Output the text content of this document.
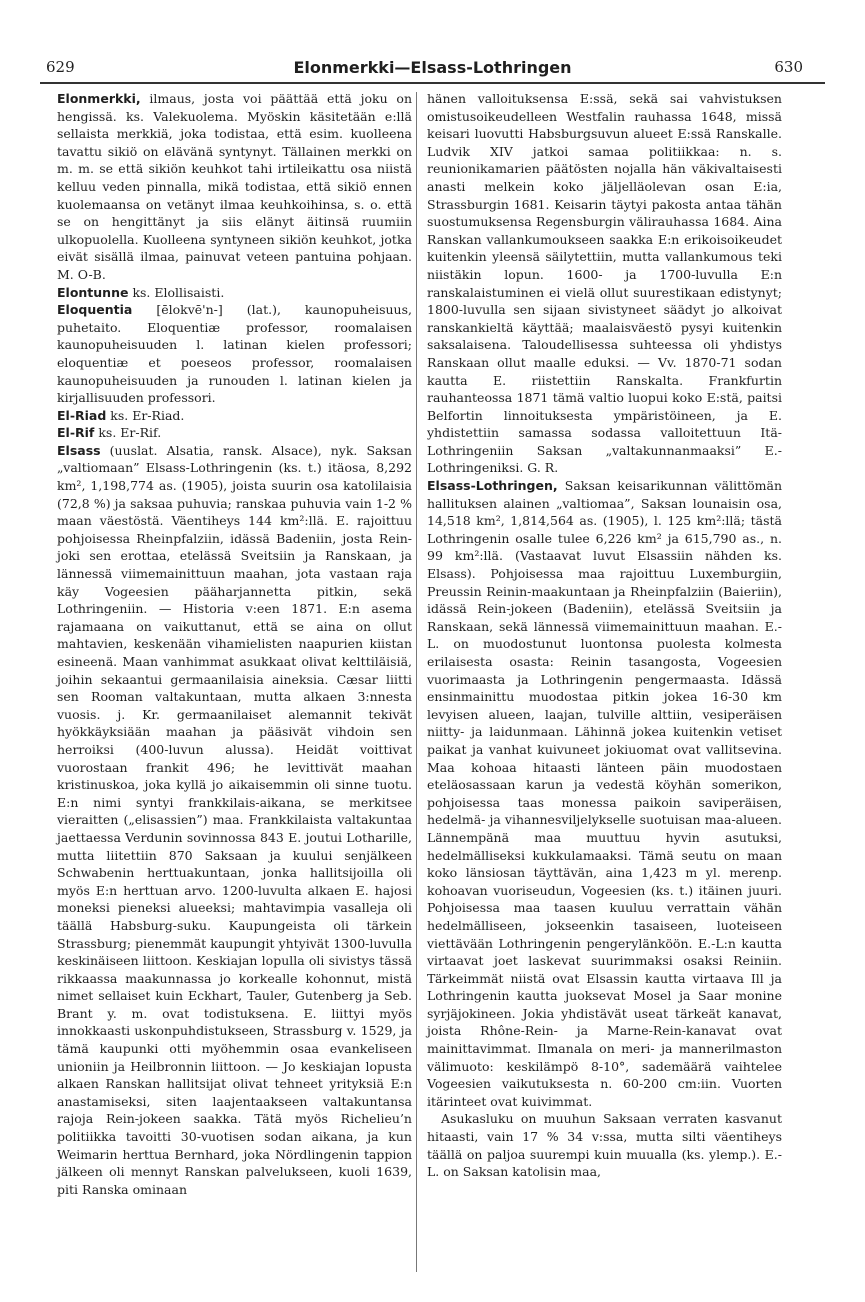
629	Elonmerkki—Elsass-Lothringen	630

Elonmerkki, ilmaus, josta voi päättää että joku on hengissä. ks. Valekuolema. Myöskin käsitetään e:llä sellaista merkkiä, joka todistaa, että esim. kuolleena tavattu sikiö on elävänä syntynyt. Tällainen merkki on m. m. se että sikiön keuhkot tahi irtileikattu osa niistä kelluu veden pinnalla, mikä todistaa, että sikiö ennen kuolemaansa on vetänyt ilmaa keuhkoihinsa, s. o. että se on hengittänyt ja siis elänyt äitinsä ruumiin ulkopuolella. Kuolleena syntyneen sikiön keuhkot, jotka eivät sisällä ilmaa, painuvat veteen pantuina pohjaan. M. O-B.

Elontunne ks. Elollisaisti.

Eloquentia [ēlokvē'n-] (lat.), kaunopuheisuus, puhetaito. Eloquentiæ professor, roomalaisen kaunopuheisuuden l. latinan kielen professori; eloquentiæ et poeseos professor, roomalaisen kaunopuheisuuden ja runouden l. latinan kielen ja kirjallisuuden professori.

El-Riad ks. Er-Riad.

El-Rif ks. Er-Rif.

Elsass (uuslat. Alsatia, ransk. Alsace), nyk. Saksan „valtiomaan” Elsass-Lothringenin (ks. t.) itäosa, 8,292 km², 1,198,774 as. (1905), joista suurin osa katolilaisia (72,8 %) ja saksaa puhuvia; ranskaa puhuvia vain 1-2 % maan väestöstä. Väentiheys 144 km²:llä. E. rajoittuu pohjoisessa Rheinpfalziin, idässä Badeniin, josta Rein-joki sen erottaa, etelässä Sveitsiin ja Ranskaan, ja lännessä viimemainittuun maahan, jota vastaan raja käy Vogeesien pääharjannetta pitkin, sekä Lothringeniin. — Historia v:een 1871. E:n asema rajamaana on vaikuttanut, että se aina on ollut mahtavien, keskenään vihamielisten naapurien kiistan esineenä. Maan vanhimmat asukkaat olivat kelttiläisiä, joihin sekaantui germaanilaisia aineksia. Cæsar liitti sen Rooman valtakuntaan, mutta alkaen 3:nnesta vuosis. j. Kr. germaanilaiset alemannit tekivät hyökkäyksiään maahan ja pääsivät vihdoin sen herroiksi (400-luvun alussa). Heidät voittivat vuorostaan frankit 496; he levittivät maahan kristinuskoa, joka kyllä jo aikaisemmin oli sinne tuotu. E:n nimi syntyi frankkilais-aikana, se merkitsee vieraitten („elisassien”) maa. Frankkilaista valtakuntaa jaettaessa Verdunin sovinnossa 843 E. joutui Lotharille, mutta liitettiin 870 Saksaan ja kuului senjälkeen Schwabenin herttuakuntaan, jonka hallitsijoilla oli myös E:n herttuan arvo. 1200-luvulta alkaen E. hajosi moneksi pieneksi alueeksi; mahtavimpia vasalleja oli täällä Habsburg-suku. Kaupungeista oli tärkein Strassburg; pienemmät kaupungit yhtyivät 1300-luvulla keskinäiseen liittoon. Keskiajan lopulla oli sivistys tässä rikkaassa maakunnassa jo korkealle kohonnut, mistä nimet sellaiset kuin Eckhart, Tauler, Gutenberg ja Seb. Brant y. m. ovat todistuksena. E. liittyi myös innokkaasti uskonpuhdistukseen, Strassburg v. 1529, ja tämä kaupunki otti myöhemmin osaa evankeliseen unioniin ja Heilbronnin liittoon. — Jo keskiajan lopusta alkaen Ranskan hallitsijat olivat tehneet yrityksiä E:n anastamiseksi, siten laajentaakseen valtakuntansa rajoja Rein-jokeen saakka. Tätä myös Richelieu’n politiikka tavoitti 30-vuotisen sodan aikana, ja kun Weimarin herttua Bernhard, joka Nördlingenin tappion jälkeen oli mennyt Ranskan palvelukseen, kuoli 1639, piti Ranska ominaan

hänen valloituksensa E:ssä, sekä sai vahvistuksen omistusoikeudelleen Westfalin rauhassa 1648, missä keisari luovutti Habsburgsuvun alueet E:ssä Ranskalle. Ludvik XIV jatkoi samaa politiikkaa: n. s. reunionikamarien päätösten nojalla hän väkivaltaisesti anasti melkein koko jäljelläolevan osan E:ia, Strassburgin 1681. Keisarin täytyi pakosta antaa tähän suostumuksensa Regensburgin välirauhassa 1684. Aina Ranskan vallankumoukseen saakka E:n erikoisoikeudet kuitenkin yleensä säilytettiin, mutta vallankumous teki niistäkin lopun. 1600- ja 1700-luvulla E:n ranskalaistuminen ei vielä ollut suurestikaan edistynyt; 1800-luvulla sen sijaan sivistyneet säädyt jo alkoivat ranskankieltä käyttää; maalaisväestö pysyi kuitenkin saksalaisena. Taloudellisessa suhteessa oli yhdistys Ranskaan ollut maalle eduksi. — Vv. 1870-71 sodan kautta E. riistettiin Ranskalta. Frankfurtin rauhanteossa 1871 tämä valtio luopui koko E:stä, paitsi Belfortin linnoituksesta ympäristöineen, ja E. yhdistettiin samassa sodassa valloitettuun Itä-Lothringeniin Saksan „valtakunnanmaaksi” E.-Lothringeniksi. G. R.

Elsass-Lothringen, Saksan keisarikunnan välittömän hallituksen alainen „valtiomaa”, Saksan lounaisin osa, 14,518 km², 1,814,564 as. (1905), l. 125 km²:llä; tästä Lothringenin osalle tulee 6,226 km² ja 615,790 as., n. 99 km²:llä. (Vastaavat luvut Elsassiin nähden ks. Elsass). Pohjoisessa maa rajoittuu Luxemburgiin, Preussin Reinin-maakuntaan ja Rheinpfalziin (Baieriin), idässä Rein-jokeen (Badeniin), etelässä Sveitsiin ja Ranskaan, sekä lännessä viimemainittuun maahan. E.-L. on muodostunut luontonsa puolesta kolmesta erilaisesta osasta: Reinin tasangosta, Vogeesien vuorimaasta ja Lothringenin pengermaasta. Idässä ensinmainittu muodostaa pitkin jokea 16-30 km levyisen alueen, laajan, tulville alttiin, vesiperäisen niitty- ja laidunmaan. Lähinnä jokea kuitenkin vetiset paikat ja vanhat kuivuneet jokiuomat ovat vallitsevina. Maa kohoaa hitaasti länteen päin muodostaen eteläosassaan karun ja vedestä köyhän somerikon, pohjoisessa taas monessa paikoin saviperäisen, hedelmä- ja vihannesviljelykselle suotuisan maa-alueen. Lännempänä maa muuttuu hyvin asutuksi, hedelmälliseksi kukkulamaaksi. Tämä seutu on maan koko länsiosan täyttävän, aina 1,423 m yl. merenp. kohoavan vuoriseudun, Vogeesien (ks. t.) itäinen juuri. Pohjoisessa maa taasen kuuluu verrattain vähän hedelmälliseen, jokseenkin tasaiseen, luoteiseen viettävään Lothringenin pengerylänköön. E.-L:n kautta virtaavat joet laskevat suurimmaksi osaksi Reiniin. Tärkeimmät niistä ovat Elsassin kautta virtaava Ill ja Lothringenin kautta juoksevat Mosel ja Saar monine syrjäjokineen. Jokia yhdistävät useat tärkeät kanavat, joista Rhône-Rein- ja Marne-Rein-kanavat ovat mainittavimmat. Ilmanala on meri- ja mannerilmaston välimuoto: keskilämpö 8-10°, sademäärä vaihtelee Vogeesien vaikutuksesta n. 60-200 cm:iin. Vuorten itärinteet ovat kuivimmat.

Asukasluku on muuhun Saksaan verraten kasvanut hitaasti, vain 17 % 34 v:ssa, mutta silti väentiheys täällä on paljoa suurempi kuin muualla (ks. ylemp.). E.-L. on Saksan katolisin maa,
